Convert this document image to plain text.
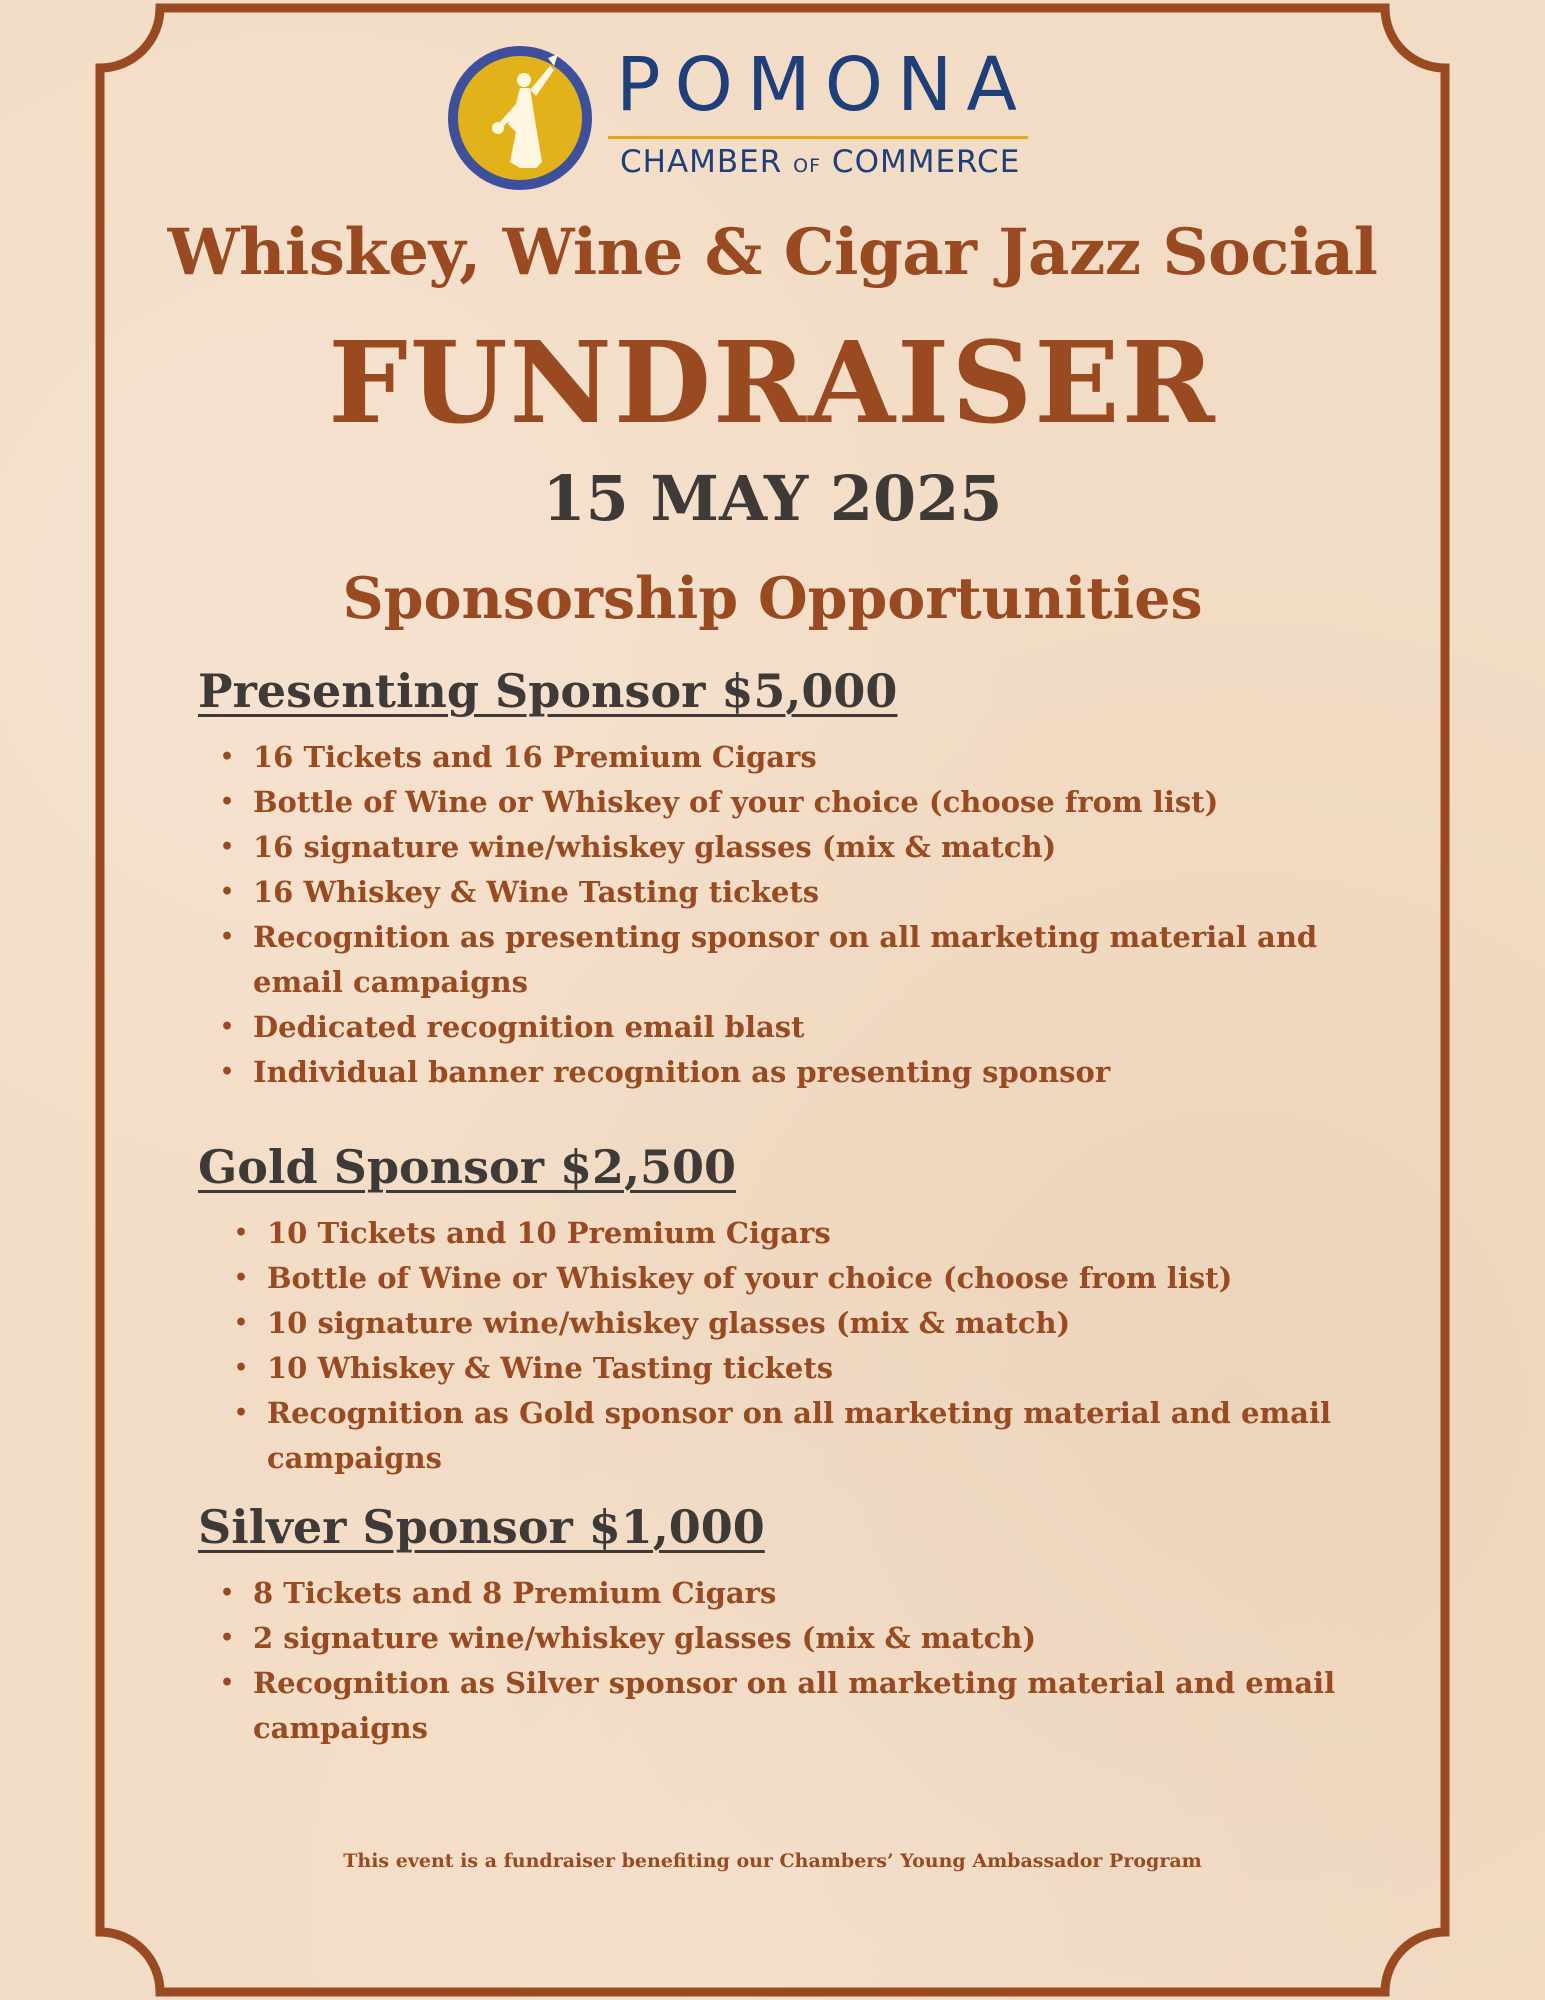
POMONA
CHAMBER OF COMMERCE
Whiskey, Wine & Cigar Jazz Social
FUNDRAISER
15 MAY 2025
Sponsorship Opportunities
Presenting Sponsor $5,000
• 16 Tickets and 16 Premium Cigars
• Bottle of Wine or Whiskey of your choice (choose from list)
• 16 signature wine/whiskey glasses (mix & match)
• 16 Whiskey & Wine Tasting tickets
• Recognition as presenting sponsor on all marketing material and email campaigns
• Dedicated recognition email blast
• Individual banner recognition as presenting sponsor
Gold Sponsor $2,500
• 10 Tickets and 10 Premium Cigars
• Bottle of Wine or Whiskey of your choice (choose from list)
• 10 signature wine/whiskey glasses (mix & match)
• 10 Whiskey & Wine Tasting tickets
• Recognition as Gold sponsor on all marketing material and email campaigns
Silver Sponsor $1,000
• 8 Tickets and 8 Premium Cigars
• 2 signature wine/whiskey glasses (mix & match)
• Recognition as Silver sponsor on all marketing material and email campaigns
This event is a fundraiser benefiting our Chambers’ Young Ambassador Program
